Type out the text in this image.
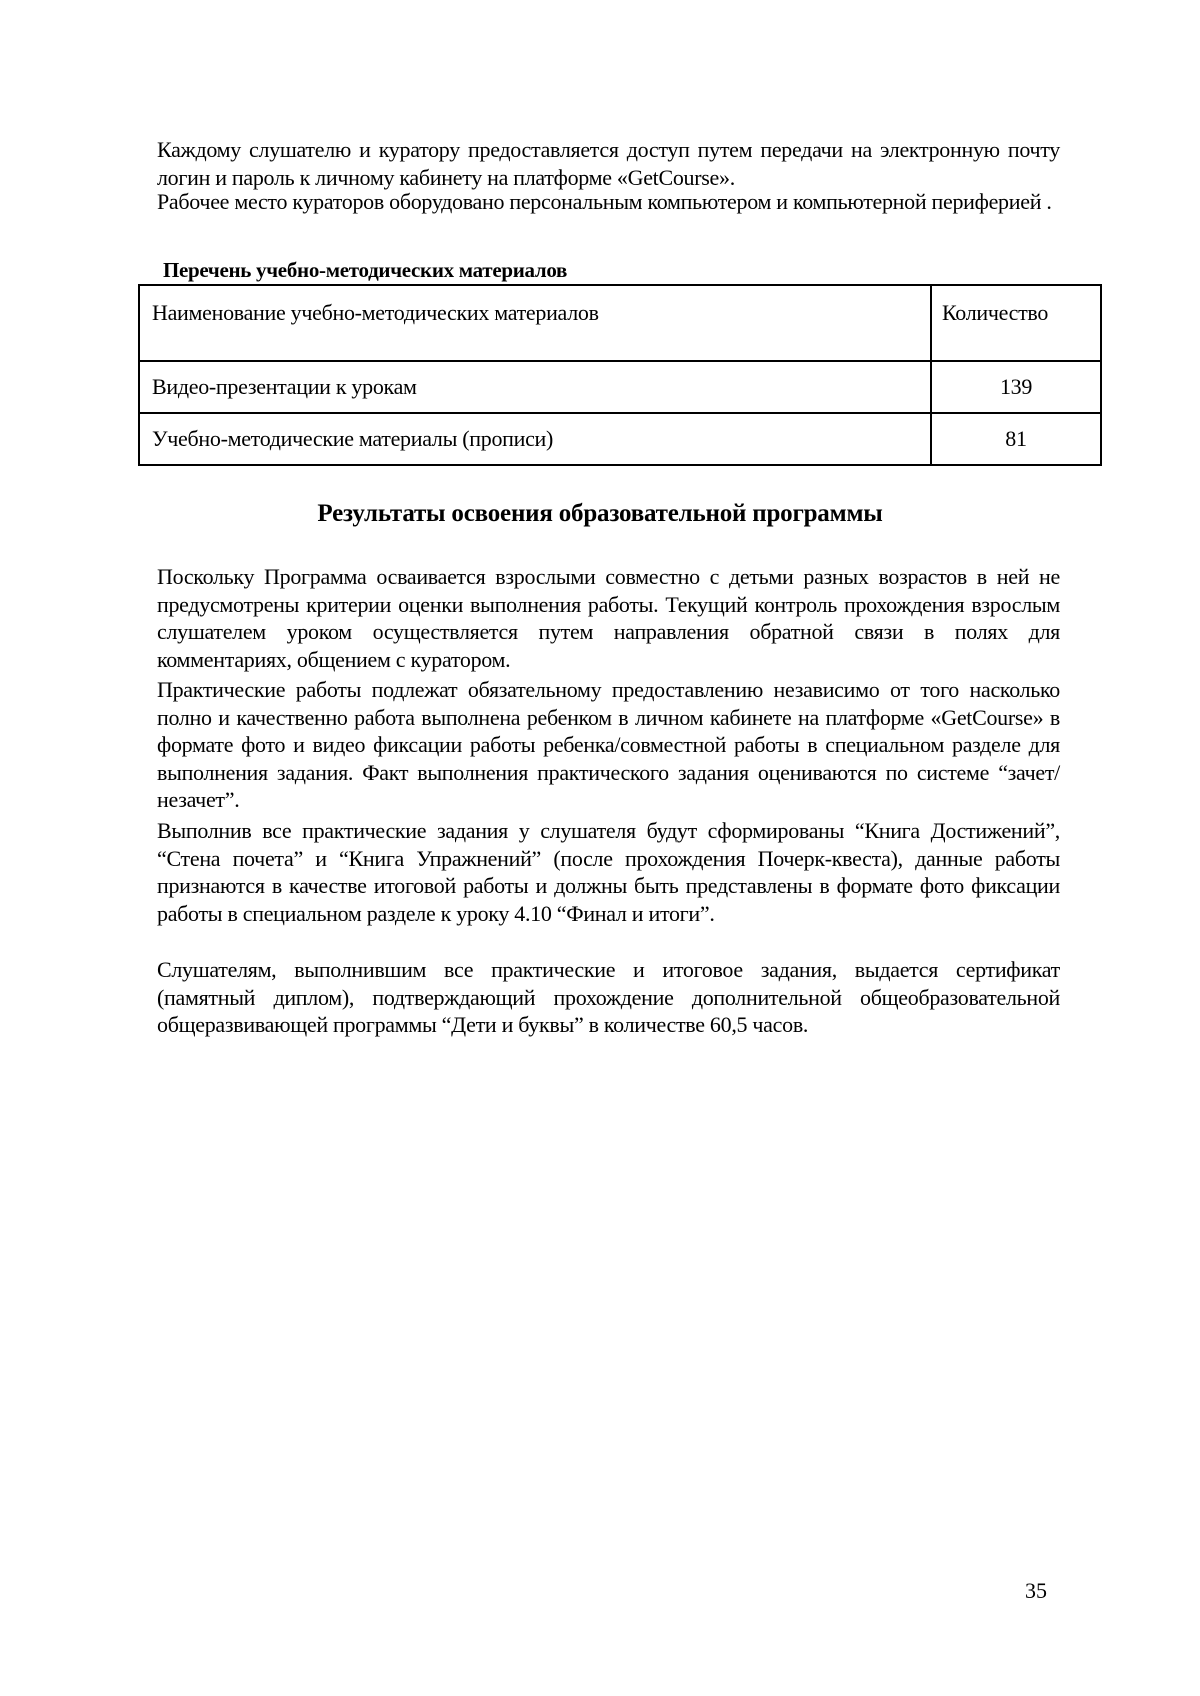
Каждому слушателю и куратору предоставляется доступ путем передачи на электронную почту логин и пароль к личному кабинету на платформе «GetCourse».

Рабочее место кураторов оборудовано персональным компьютером и компьютерной периферией .

Перечень учебно-методических материалов

Наименование учебно-методических материалов	Количество
Видео-презентации к урокам	139
Учебно-методические материалы (прописи)	81
Результаты освоения образовательной программы

Поскольку Программа осваивается взрослыми совместно с детьми разных возрастов в ней не предусмотрены критерии оценки выполнения работы. Текущий контроль прохождения взрослым слушателем уроком осуществляется путем направления обратной связи в полях для комментариях, общением с куратором.

Практические работы подлежат обязательному предоставлению независимо от того насколько полно и качественно работа выполнена ребенком в личном кабинете на платформе «GetCourse» в формате фото и видео фиксации работы ребенка/совместной работы в специальном разделе для выполнения задания. Факт выполнения практического задания оцениваются по системе “зачет/незачет”.

Выполнив все практические задания у слушателя будут сформированы “Книга Достижений”, “Стена почета” и “Книга Упражнений” (после прохождения Почерк-квеста), данные работы признаются в качестве итоговой работы и должны быть представлены в формате фото фиксации работы в специальном разделе к уроку 4.10 “Финал и итоги”.

Слушателям, выполнившим все практические и итоговое задания, выдается сертификат (памятный диплом), подтверждающий прохождение дополнительной общеобразовательной общеразвивающей программы “Дети и буквы” в количестве 60,5 часов.

35
